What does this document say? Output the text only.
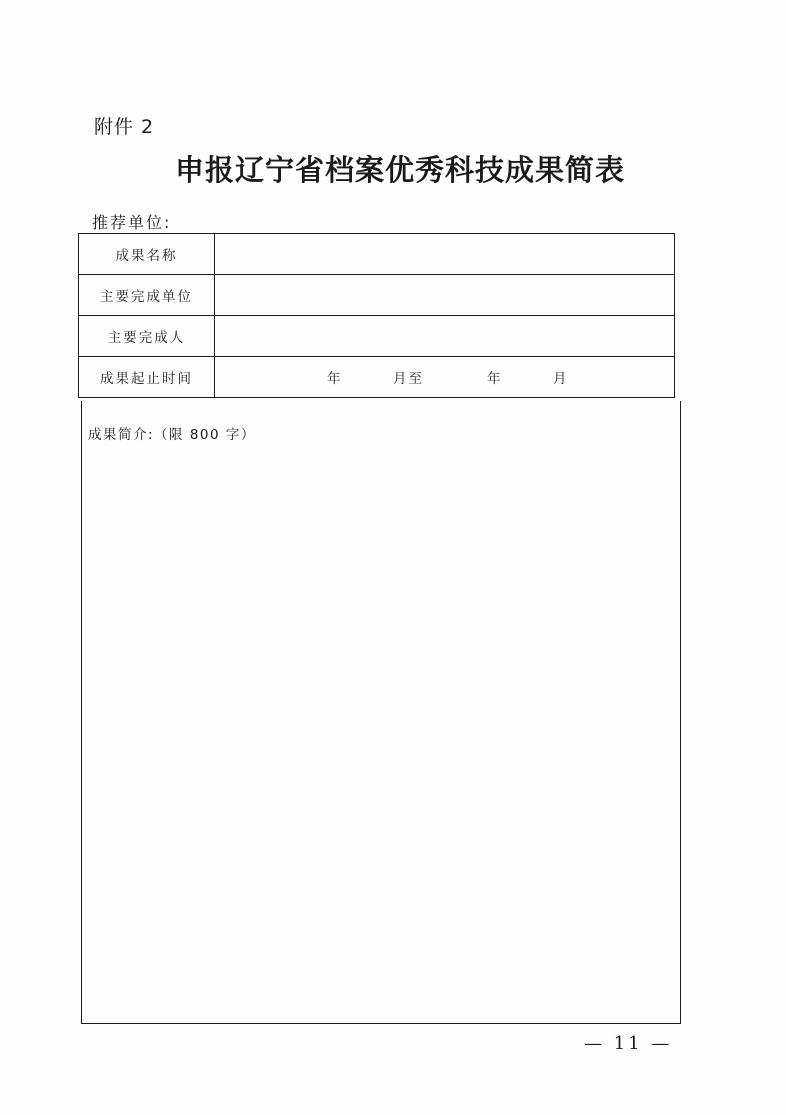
附件 2
申报辽宁省档案优秀科技成果简表
推荐单位:
成果名称	
主要完成单位	
主要完成人	
成果起止时间	年 月至 年 月
成果简介:（限 800 字）
— 11 —
